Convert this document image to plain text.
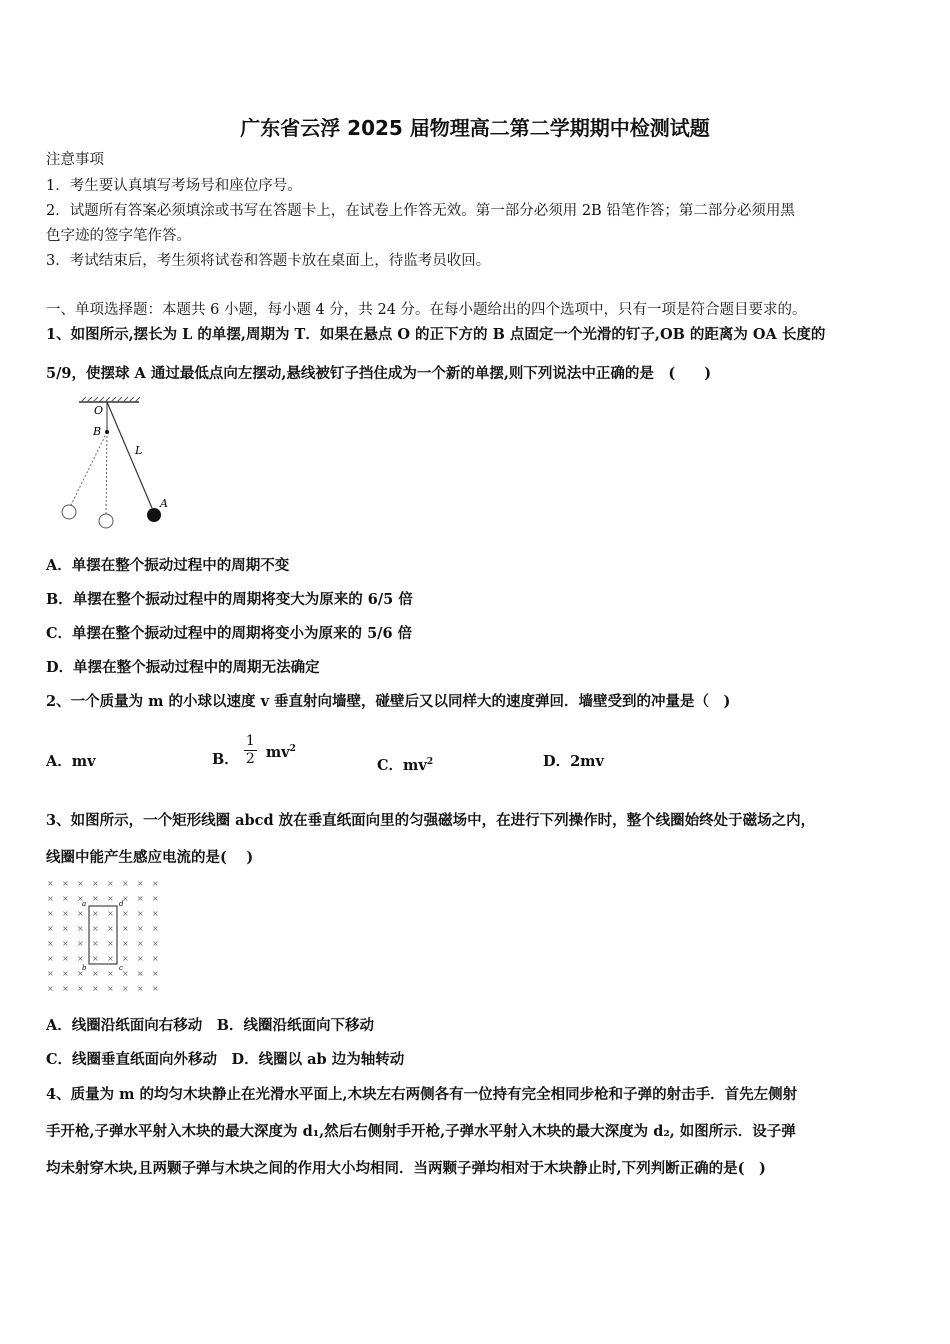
广东省云浮 2025 届物理高二第二学期期中检测试题
注意事项
1．考生要认真填写考场号和座位序号。
2．试题所有答案必须填涂或书写在答题卡上，在试卷上作答无效。第一部分必须用 2B 铅笔作答；第二部分必须用黑
色字迹的签字笔作答。
3．考试结束后，考生须将试卷和答题卡放在桌面上，待监考员收回。
一、单项选择题：本题共 6 小题，每小题 4 分，共 24 分。在每小题给出的四个选项中，只有一项是符合题目要求的。
1、如图所示,摆长为 L 的单摆,周期为 T．如果在悬点 O 的正下方的 B 点固定一个光滑的钉子,OB 的距离为 OA 长度的
5/9，使摆球 A 通过最低点向左摆动,悬线被钉子挡住成为一个新的单摆,则下列说法中正确的是　(　　)
O
B
L
A
A．单摆在整个振动过程中的周期不变
B．单摆在整个振动过程中的周期将变大为原来的 6/5 倍
C．单摆在整个振动过程中的周期将变小为原来的 5/6 倍
D．单摆在整个振动过程中的周期无法确定
2、一个质量为 m 的小球以速度 v 垂直射向墙壁，碰壁后又以同样大的速度弹回．墙壁受到的冲量是（　)
A．mv	B． $\frac{1}{2} mv^2$
C．$mv^2$	D．2mv
3、如图所示，一个矩形线圈 abcd 放在垂直纸面向里的匀强磁场中，在进行下列操作时，整个线圈始终处于磁场之内，
线圈中能产生感应电流的是(　 )
× × × × × × × ×
× × × × × × × ×
× × × × × × × ×
× × × × × × × ×
× × × × × × × ×
× × × × × × × ×
× × × × × × × ×
× × × × × × × ×
a	d
b	c
A．线圈沿纸面向右移动　B．线圈沿纸面向下移动
C．线圈垂直纸面向外移动　D．线圈以 ab 边为轴转动
4、质量为 m 的均匀木块静止在光滑水平面上,木块左右两侧各有一位持有完全相同步枪和子弹的射击手．首先左侧射
手开枪,子弹水平射入木块的最大深度为 d₁,然后右侧射手开枪,子弹水平射入木块的最大深度为 d₂, 如图所示．设子弹
均未射穿木块,且两颗子弹与木块之间的作用大小均相同．当两颗子弹均相对于木块静止时,下列判断正确的是(　)
